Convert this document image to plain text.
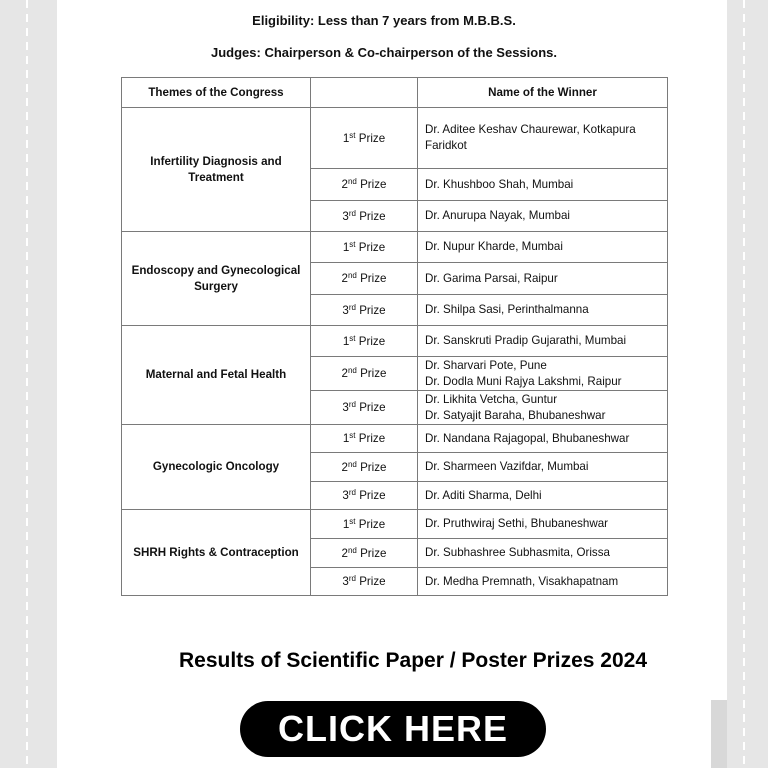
Eligibility: Less than 7 years from M.B.B.S.
Judges: Chairperson & Co-chairperson of the Sessions.
Themes of the Congress		Name of the Winner
Infertility Diagnosis and
Treatment	1st Prize	Dr. Aditee Keshav Chaurewar, Kotkapura
Faridkot

	2nd Prize	Dr. Khushboo Shah, Mumbai

	3rd Prize	Dr. Anurupa Nayak, Mumbai

Endoscopy and Gynecological
Surgery	1st Prize	Dr. Nupur Kharde, Mumbai

	2nd Prize	Dr. Garima Parsai, Raipur

	3rd Prize	Dr. Shilpa Sasi, Perinthalmanna

Maternal and Fetal Health	1st Prize	Dr. Sanskruti Pradip Gujarathi, Mumbai

	2nd Prize	Dr. Sharvari Pote, Pune
Dr. Dodla Muni Rajya Lakshmi, Raipur

	3rd Prize	Dr. Likhita Vetcha, Guntur
Dr. Satyajit Baraha, Bhubaneshwar

Gynecologic Oncology	1st Prize	Dr. Nandana Rajagopal, Bhubaneshwar

	2nd Prize	Dr. Sharmeen Vazifdar, Mumbai

	3rd Prize	Dr. Aditi Sharma, Delhi

SHRH Rights & Contraception	1st Prize	Dr. Pruthwiraj Sethi, Bhubaneshwar

	2nd Prize	Dr. Subhashree Subhasmita, Orissa

	3rd Prize	Dr. Medha Premnath, Visakhapatnam
Results of Scientific Paper / Poster Prizes 2024
CLICK HERE
